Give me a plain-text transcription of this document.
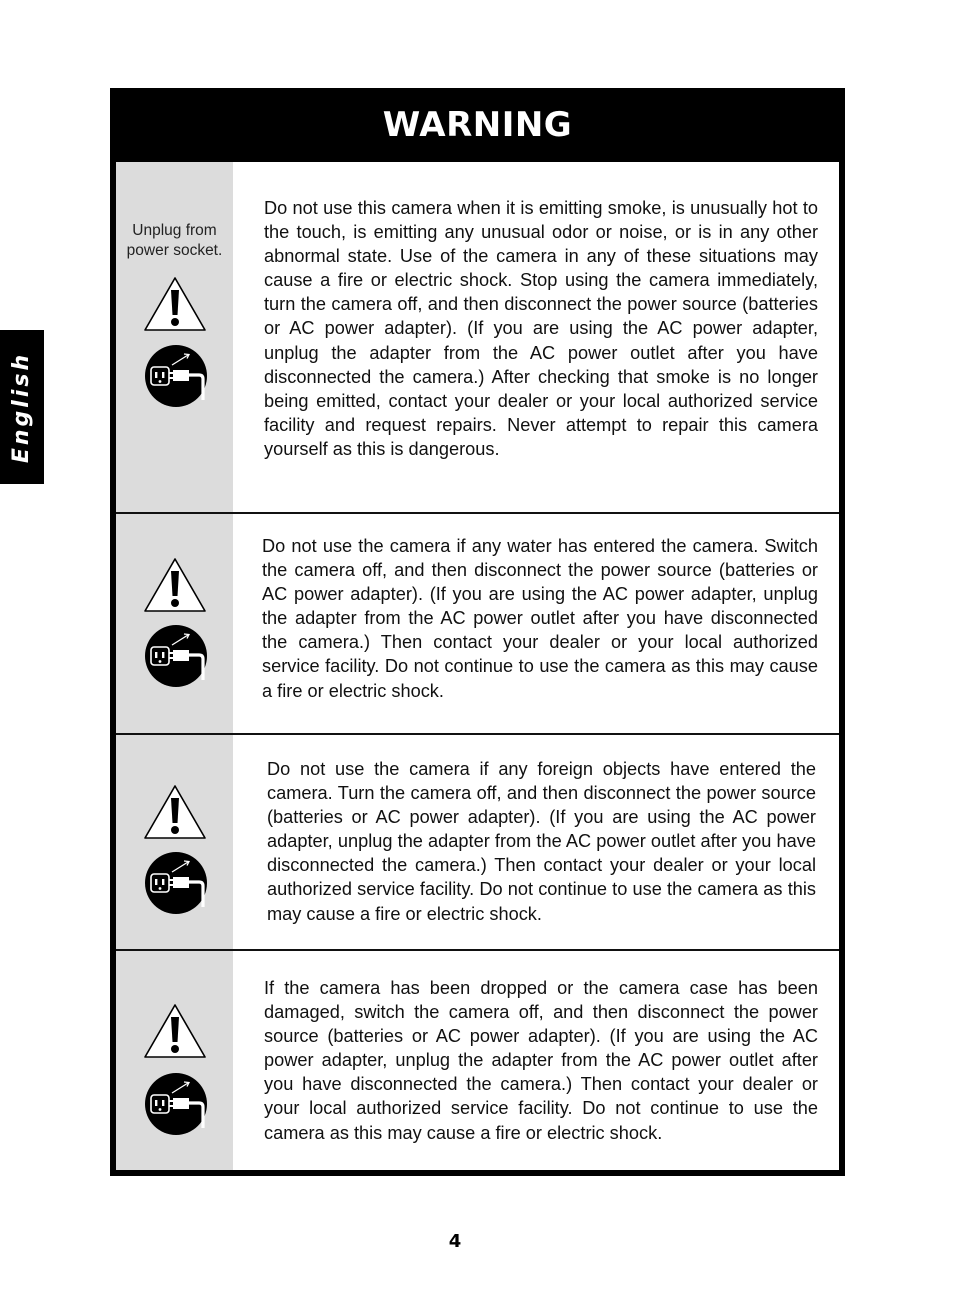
English
WARNING
Unplug from
power socket.
Do not use this camera when it is emitting smoke, is unusually hot to the touch, is emitting any unusual odor or noise, or is in any other abnormal state. Use of the camera in any of these situations may cause a fire or electric shock. Stop using the camera immediately, turn the camera off, and then disconnect the power source (batteries or AC power adapter). (If you are using the AC power adapter, unplug the adapter from the AC power outlet after you have disconnected the camera.) After checking that smoke is no longer being emitted, contact your dealer or your local authorized service facility and request repairs. Never attempt to repair this camera yourself as this is dangerous.
Do not use the camera if any water has entered the camera. Switch the camera off, and then disconnect the power source (batteries or AC power adapter). (If you are using the AC power adapter, unplug the adapter from the AC power outlet after you have disconnected the camera.) Then contact your dealer or your local authorized service facility. Do not continue to use the camera as this may cause a fire or electric shock.
Do not use the camera if any foreign objects have entered the camera. Turn the camera off, and then disconnect the power source (batteries or AC power adapter). (If you are using the AC power adapter, unplug the adapter from the AC power outlet after you have disconnected the camera.) Then contact your dealer or your local authorized service facility. Do not continue to use the camera as this may cause a fire or electric shock.
If the camera has been dropped or the camera case has been damaged, switch the camera off, and then disconnect the power source (batteries or AC power adapter). (If you are using the AC power adapter, unplug the adapter from the AC power outlet after you have disconnected the camera.) Then contact your dealer or your local authorized service facility. Do not continue to use the camera as this may cause a fire or electric shock.
4
